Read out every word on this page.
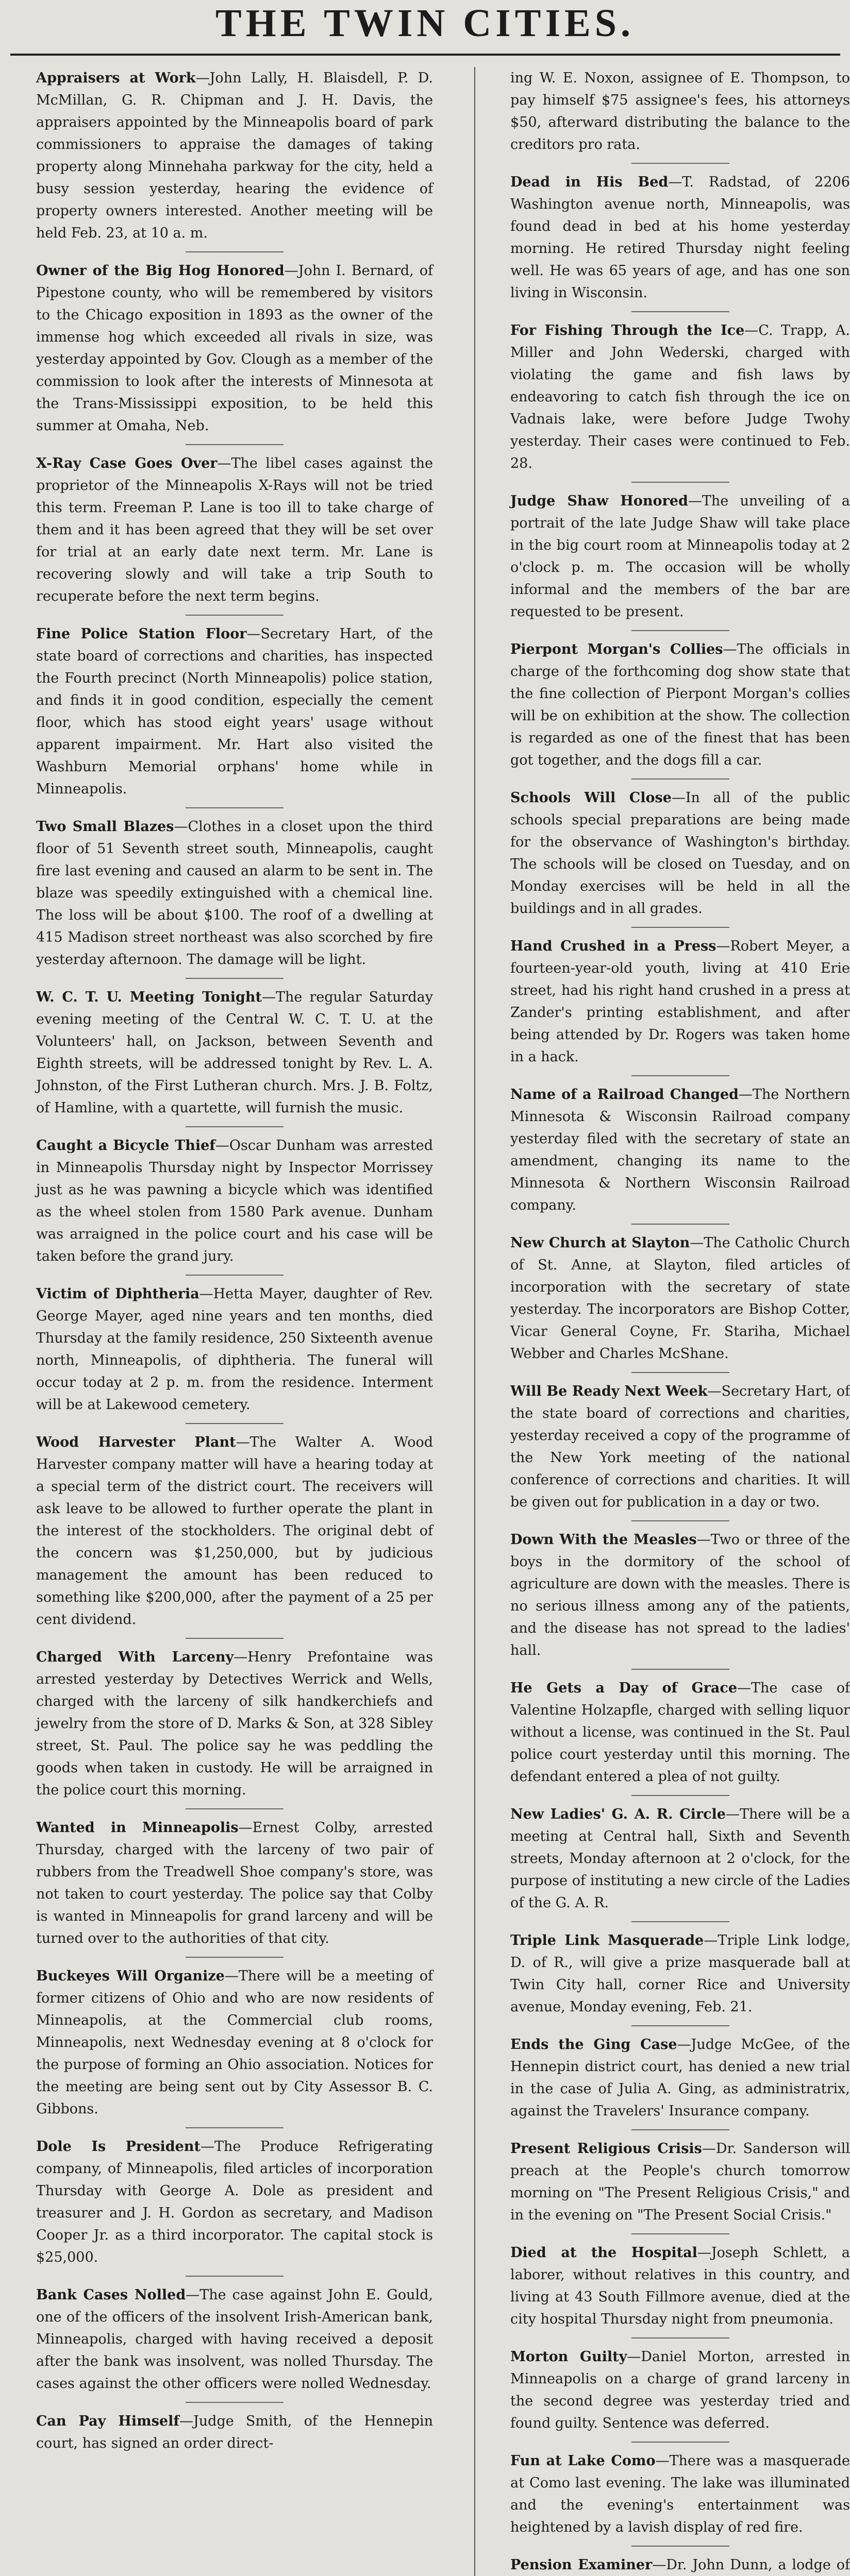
THE TWIN CITIES.

Appraisers at Work—John Lally, H. Blaisdell, P. D. McMillan, G. R. Chipman and J. H. Davis, the appraisers appointed by the Minneapolis board of park commissioners to appraise the damages of taking property along Minnehaha parkway for the city, held a busy session yesterday, hearing the evidence of property owners interested. Another meeting will be held Feb. 23, at 10 a. m.

Owner of the Big Hog Honored—John I. Bernard, of Pipestone county, who will be remembered by visitors to the Chicago exposition in 1893 as the owner of the immense hog which exceeded all rivals in size, was yesterday appointed by Gov. Clough as a member of the commission to look after the interests of Minnesota at the Trans-Mississippi exposition, to be held this summer at Omaha, Neb.

X-Ray Case Goes Over—The libel cases against the proprietor of the Minneapolis X-Rays will not be tried this term. Freeman P. Lane is too ill to take charge of them and it has been agreed that they will be set over for trial at an early date next term. Mr. Lane is recovering slowly and will take a trip South to recuperate before the next term begins.

Fine Police Station Floor—Secretary Hart, of the state board of corrections and charities, has inspected the Fourth precinct (North Minneapolis) police station, and finds it in good condition, especially the cement floor, which has stood eight years' usage without apparent impairment. Mr. Hart also visited the Washburn Memorial orphans' home while in Minneapolis.

Two Small Blazes—Clothes in a closet upon the third floor of 51 Seventh street south, Minneapolis, caught fire last evening and caused an alarm to be sent in. The blaze was speedily extinguished with a chemical line. The loss will be about $100. The roof of a dwelling at 415 Madison street northeast was also scorched by fire yesterday afternoon. The damage will be light.

W. C. T. U. Meeting Tonight—The regular Saturday evening meeting of the Central W. C. T. U. at the Volunteers' hall, on Jackson, between Seventh and Eighth streets, will be addressed tonight by Rev. L. A. Johnston, of the First Lutheran church. Mrs. J. B. Foltz, of Hamline, with a quartette, will furnish the music.

Caught a Bicycle Thief—Oscar Dunham was arrested in Minneapolis Thursday night by Inspector Morrissey just as he was pawning a bicycle which was identified as the wheel stolen from 1580 Park avenue. Dunham was arraigned in the police court and his case will be taken before the grand jury.

Victim of Diphtheria—Hetta Mayer, daughter of Rev. George Mayer, aged nine years and ten months, died Thursday at the family residence, 250 Sixteenth avenue north, Minneapolis, of diphtheria. The funeral will occur today at 2 p. m. from the residence. Interment will be at Lakewood cemetery.

Wood Harvester Plant—The Walter A. Wood Harvester company matter will have a hearing today at a special term of the district court. The receivers will ask leave to be allowed to further operate the plant in the interest of the stockholders. The original debt of the concern was $1,250,000, but by judicious management the amount has been reduced to something like $200,000, after the payment of a 25 per cent dividend.

Charged With Larceny—Henry Prefontaine was arrested yesterday by Detectives Werrick and Wells, charged with the larceny of silk handkerchiefs and jewelry from the store of D. Marks & Son, at 328 Sibley street, St. Paul. The police say he was peddling the goods when taken in custody. He will be arraigned in the police court this morning.

Wanted in Minneapolis—Ernest Colby, arrested Thursday, charged with the larceny of two pair of rubbers from the Treadwell Shoe company's store, was not taken to court yesterday. The police say that Colby is wanted in Minneapolis for grand larceny and will be turned over to the authorities of that city.

Buckeyes Will Organize—There will be a meeting of former citizens of Ohio and who are now residents of Minneapolis, at the Commercial club rooms, Minneapolis, next Wednesday evening at 8 o'clock for the purpose of forming an Ohio association. Notices for the meeting are being sent out by City Assessor B. C. Gibbons.

Dole Is President—The Produce Refrigerating company, of Minneapolis, filed articles of incorporation Thursday with George A. Dole as president and treasurer and J. H. Gordon as secretary, and Madison Cooper Jr. as a third incorporator. The capital stock is $25,000.

Bank Cases Nolled—The case against John E. Gould, one of the officers of the insolvent Irish-American bank, Minneapolis, charged with having received a deposit after the bank was insolvent, was nolled Thursday. The cases against the other officers were nolled Wednesday.

Can Pay Himself—Judge Smith, of the Hennepin court, has signed an order direct-

ing W. E. Noxon, assignee of E. Thompson, to pay himself $75 assignee's fees, his attorneys $50, afterward distributing the balance to the creditors pro rata.

Dead in His Bed—T. Radstad, of 2206 Washington avenue north, Minneapolis, was found dead in bed at his home yesterday morning. He retired Thursday night feeling well. He was 65 years of age, and has one son living in Wisconsin.

For Fishing Through the Ice—C. Trapp, A. Miller and John Wederski, charged with violating the game and fish laws by endeavoring to catch fish through the ice on Vadnais lake, were before Judge Twohy yesterday. Their cases were continued to Feb. 28.

Judge Shaw Honored—The unveiling of a portrait of the late Judge Shaw will take place in the big court room at Minneapolis today at 2 o'clock p. m. The occasion will be wholly informal and the members of the bar are requested to be present.

Pierpont Morgan's Collies—The officials in charge of the forthcoming dog show state that the fine collection of Pierpont Morgan's collies will be on exhibition at the show. The collection is regarded as one of the finest that has been got together, and the dogs fill a car.

Schools Will Close—In all of the public schools special preparations are being made for the observance of Washington's birthday. The schools will be closed on Tuesday, and on Monday exercises will be held in all the buildings and in all grades.

Hand Crushed in a Press—Robert Meyer, a fourteen-year-old youth, living at 410 Erie street, had his right hand crushed in a press at Zander's printing establishment, and after being attended by Dr. Rogers was taken home in a hack.

Name of a Railroad Changed—The Northern Minnesota & Wisconsin Railroad company yesterday filed with the secretary of state an amendment, changing its name to the Minnesota & Northern Wisconsin Railroad company.

New Church at Slayton—The Catholic Church of St. Anne, at Slayton, filed articles of incorporation with the secretary of state yesterday. The incorporators are Bishop Cotter, Vicar General Coyne, Fr. Stariha, Michael Webber and Charles McShane.

Will Be Ready Next Week—Secretary Hart, of the state board of corrections and charities, yesterday received a copy of the programme of the New York meeting of the national conference of corrections and charities. It will be given out for publication in a day or two.

Down With the Measles—Two or three of the boys in the dormitory of the school of agriculture are down with the measles. There is no serious illness among any of the patients, and the disease has not spread to the ladies' hall.

He Gets a Day of Grace—The case of Valentine Holzapfle, charged with selling liquor without a license, was continued in the St. Paul police court yesterday until this morning. The defendant entered a plea of not guilty.

New Ladies' G. A. R. Circle—There will be a meeting at Central hall, Sixth and Seventh streets, Monday afternoon at 2 o'clock, for the purpose of instituting a new circle of the Ladies of the G. A. R.

Triple Link Masquerade—Triple Link lodge, D. of R., will give a prize masquerade ball at Twin City hall, corner Rice and University avenue, Monday evening, Feb. 21.

Ends the Ging Case—Judge McGee, of the Hennepin district court, has denied a new trial in the case of Julia A. Ging, as administratrix, against the Travelers' Insurance company.

Present Religious Crisis—Dr. Sanderson will preach at the People's church tomorrow morning on "The Present Religious Crisis," and in the evening on "The Present Social Crisis."

Died at the Hospital—Joseph Schlett, a laborer, without relatives in this country, and living at 43 South Fillmore avenue, died at the city hospital Thursday night from pneumonia.

Morton Guilty—Daniel Morton, arrested in Minneapolis on a charge of grand larceny in the second degree was yesterday tried and found guilty. Sentence was deferred.

Fun at Lake Como—There was a masquerade at Como last evening. The lake was illuminated and the evening's entertainment was heightened by a lavish display of red fire.

Pension Examiner—Dr. John Dunn, a lodge of
